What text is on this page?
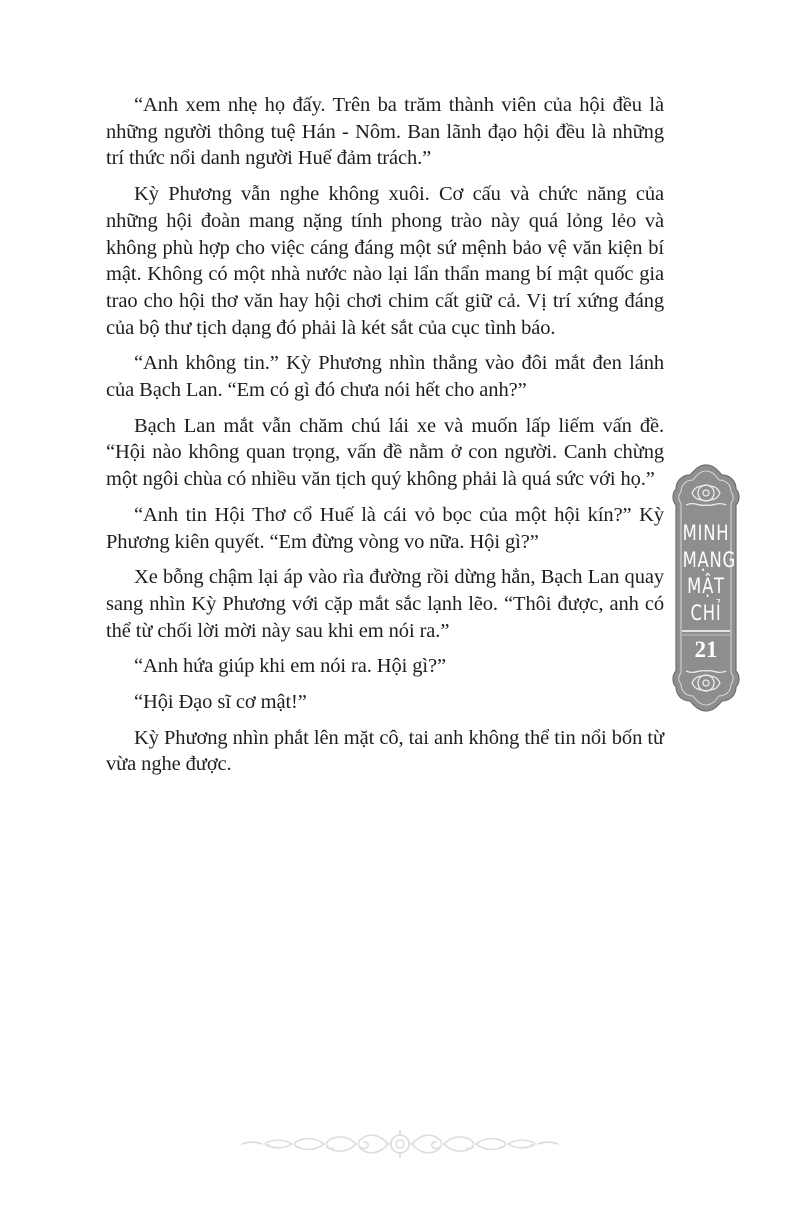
“Anh xem nhẹ họ đấy. Trên ba trăm thành viên của hội đều là những người thông tuệ Hán - Nôm. Ban lãnh đạo hội đều là những trí thức nổi danh người Huế đảm trách.”

Kỳ Phương vẫn nghe không xuôi. Cơ cấu và chức năng của những hội đoàn mang nặng tính phong trào này quá lỏng lẻo và không phù hợp cho việc cáng đáng một sứ mệnh bảo vệ văn kiện bí mật. Không có một nhà nước nào lại lẩn thẩn mang bí mật quốc gia trao cho hội thơ văn hay hội chơi chim cất giữ cả. Vị trí xứng đáng của bộ thư tịch dạng đó phải là két sắt của cục tình báo.

“Anh không tin.” Kỳ Phương nhìn thẳng vào đôi mắt đen lánh của Bạch Lan. “Em có gì đó chưa nói hết cho anh?”

Bạch Lan mắt vẫn chăm chú lái xe và muốn lấp liếm vấn đề. “Hội nào không quan trọng, vấn đề nằm ở con người. Canh chừng một ngôi chùa có nhiều văn tịch quý không phải là quá sức với họ.”

“Anh tin Hội Thơ cổ Huế là cái vỏ bọc của một hội kín?” Kỳ Phương kiên quyết. “Em đừng vòng vo nữa. Hội gì?”

Xe bỗng chậm lại áp vào rìa đường rồi dừng hẳn, Bạch Lan quay sang nhìn Kỳ Phương với cặp mắt sắc lạnh lẽo. “Thôi được, anh có thể từ chối lời mời này sau khi em nói ra.”

“Anh hứa giúp khi em nói ra. Hội gì?”

“Hội Đạo sĩ cơ mật!”

Kỳ Phương nhìn phắt lên mặt cô, tai anh không thể tin nổi bốn từ vừa nghe được.

MINH
MẠNG
MẬT
CHỈ
21
